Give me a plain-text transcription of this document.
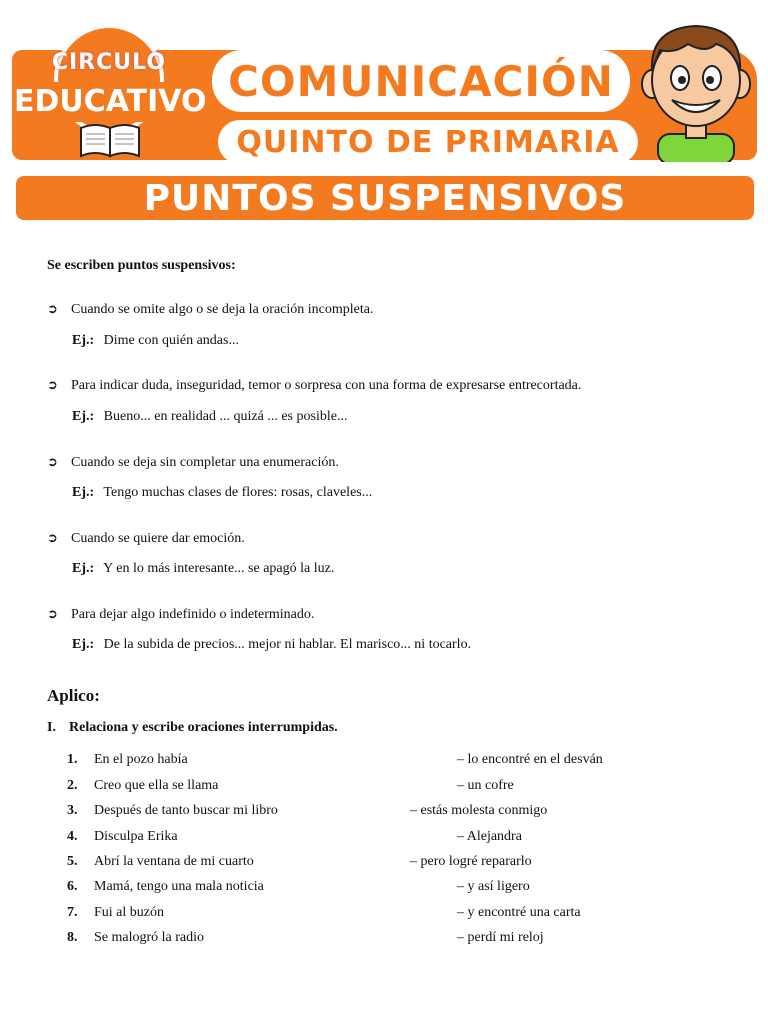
CIRCULO
EDUCATIVO COMUNICACIÓN
QUINTO DE PRIMARIA
PUNTOS SUSPENSIVOS
Se escriben puntos suspensivos:
➲ Cuando se omite algo o se deja la oración incompleta.
Ej.: Dime con quién andas...
➲ Para indicar duda, inseguridad, temor o sorpresa con una forma de expresarse entrecortada.
Ej.: Bueno... en realidad ... quizá ... es posible...
➲ Cuando se deja sin completar una enumeración.
Ej.: Tengo muchas clases de flores: rosas, claveles...
➲ Cuando se quiere dar emoción.
Ej.: Y en lo más interesante... se apagó la luz.
➲ Para dejar algo indefinido o indeterminado.
Ej.: De la subida de precios... mejor ni hablar. El marisco... ni tocarlo.
Aplico:
I. Relaciona y escribe oraciones interrumpidas.
1. En el pozo había	– lo encontré en el desván
2. Creo que ella se llama	– un cofre
3. Después de tanto buscar mi libro	– estás molesta conmigo
4. Disculpa Erika	– Alejandra
5. Abrí la ventana de mi cuarto	– pero logré repararlo
6. Mamá, tengo una mala noticia	– y así ligero
7. Fui al buzón	– y encontré una carta
8. Se malogró la radio	– perdí mi reloj
